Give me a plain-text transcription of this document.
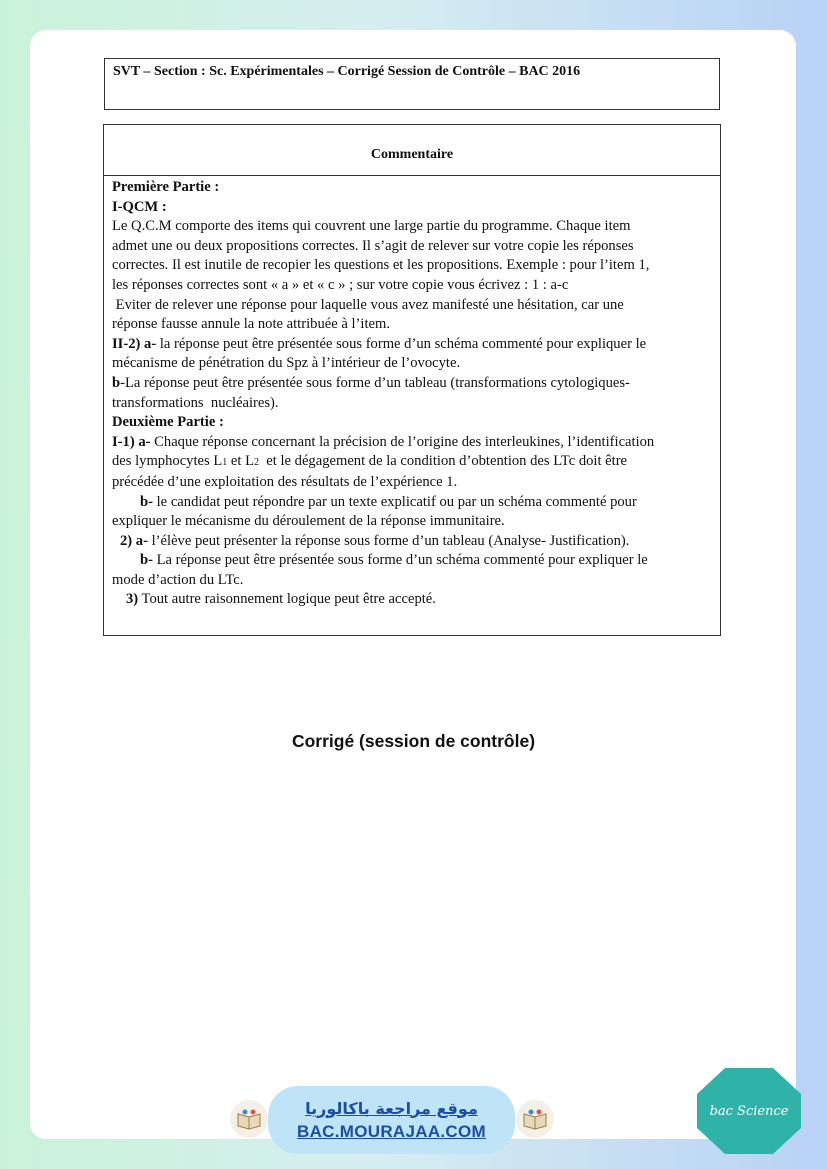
SVT – Section : Sc. Expérimentales – Corrigé Session de Contrôle – BAC 2016
Commentaire

Première Partie :

I-QCM :

Le Q.C.M comporte des items qui couvrent une large partie du programme. Chaque item

admet une ou deux propositions correctes. Il s’agit de relever sur votre copie les réponses

correctes. Il est inutile de recopier les questions et les propositions. Exemple : pour l’item 1,

les réponses correctes sont « a » et « c » ; sur votre copie vous écrivez : 1 : a-c

Eviter de relever une réponse pour laquelle vous avez manifesté une hésitation, car une

réponse fausse annule la note attribuée à l’item.

II-2) a- la réponse peut être présentée sous forme d’un schéma commenté pour expliquer le

mécanisme de pénétration du Spz à l’intérieur de l’ovocyte.

b-La réponse peut être présentée sous forme d’un tableau (transformations cytologiques-

transformations  nucléaires).

Deuxième Partie :

I-1) a- Chaque réponse concernant la précision de l’origine des interleukines, l’identification

des lymphocytes L1 et L2  et le dégagement de la condition d’obtention des LTc doit être

précédée d’une exploitation des résultats de l’expérience 1.

b- le candidat peut répondre par un texte explicatif ou par un schéma commenté pour

expliquer le mécanisme du déroulement de la réponse immunitaire.

2) a- l’élève peut présenter la réponse sous forme d’un tableau (Analyse- Justification).

b- La réponse peut être présentée sous forme d’un schéma commenté pour expliquer le

mode d’action du LTc.

3) Tout autre raisonnement logique peut être accepté.

Corrigé (session de contrôle)
موقع مراجعة باكالوريا
BAC.MOURAJAA.COM
bac Science
